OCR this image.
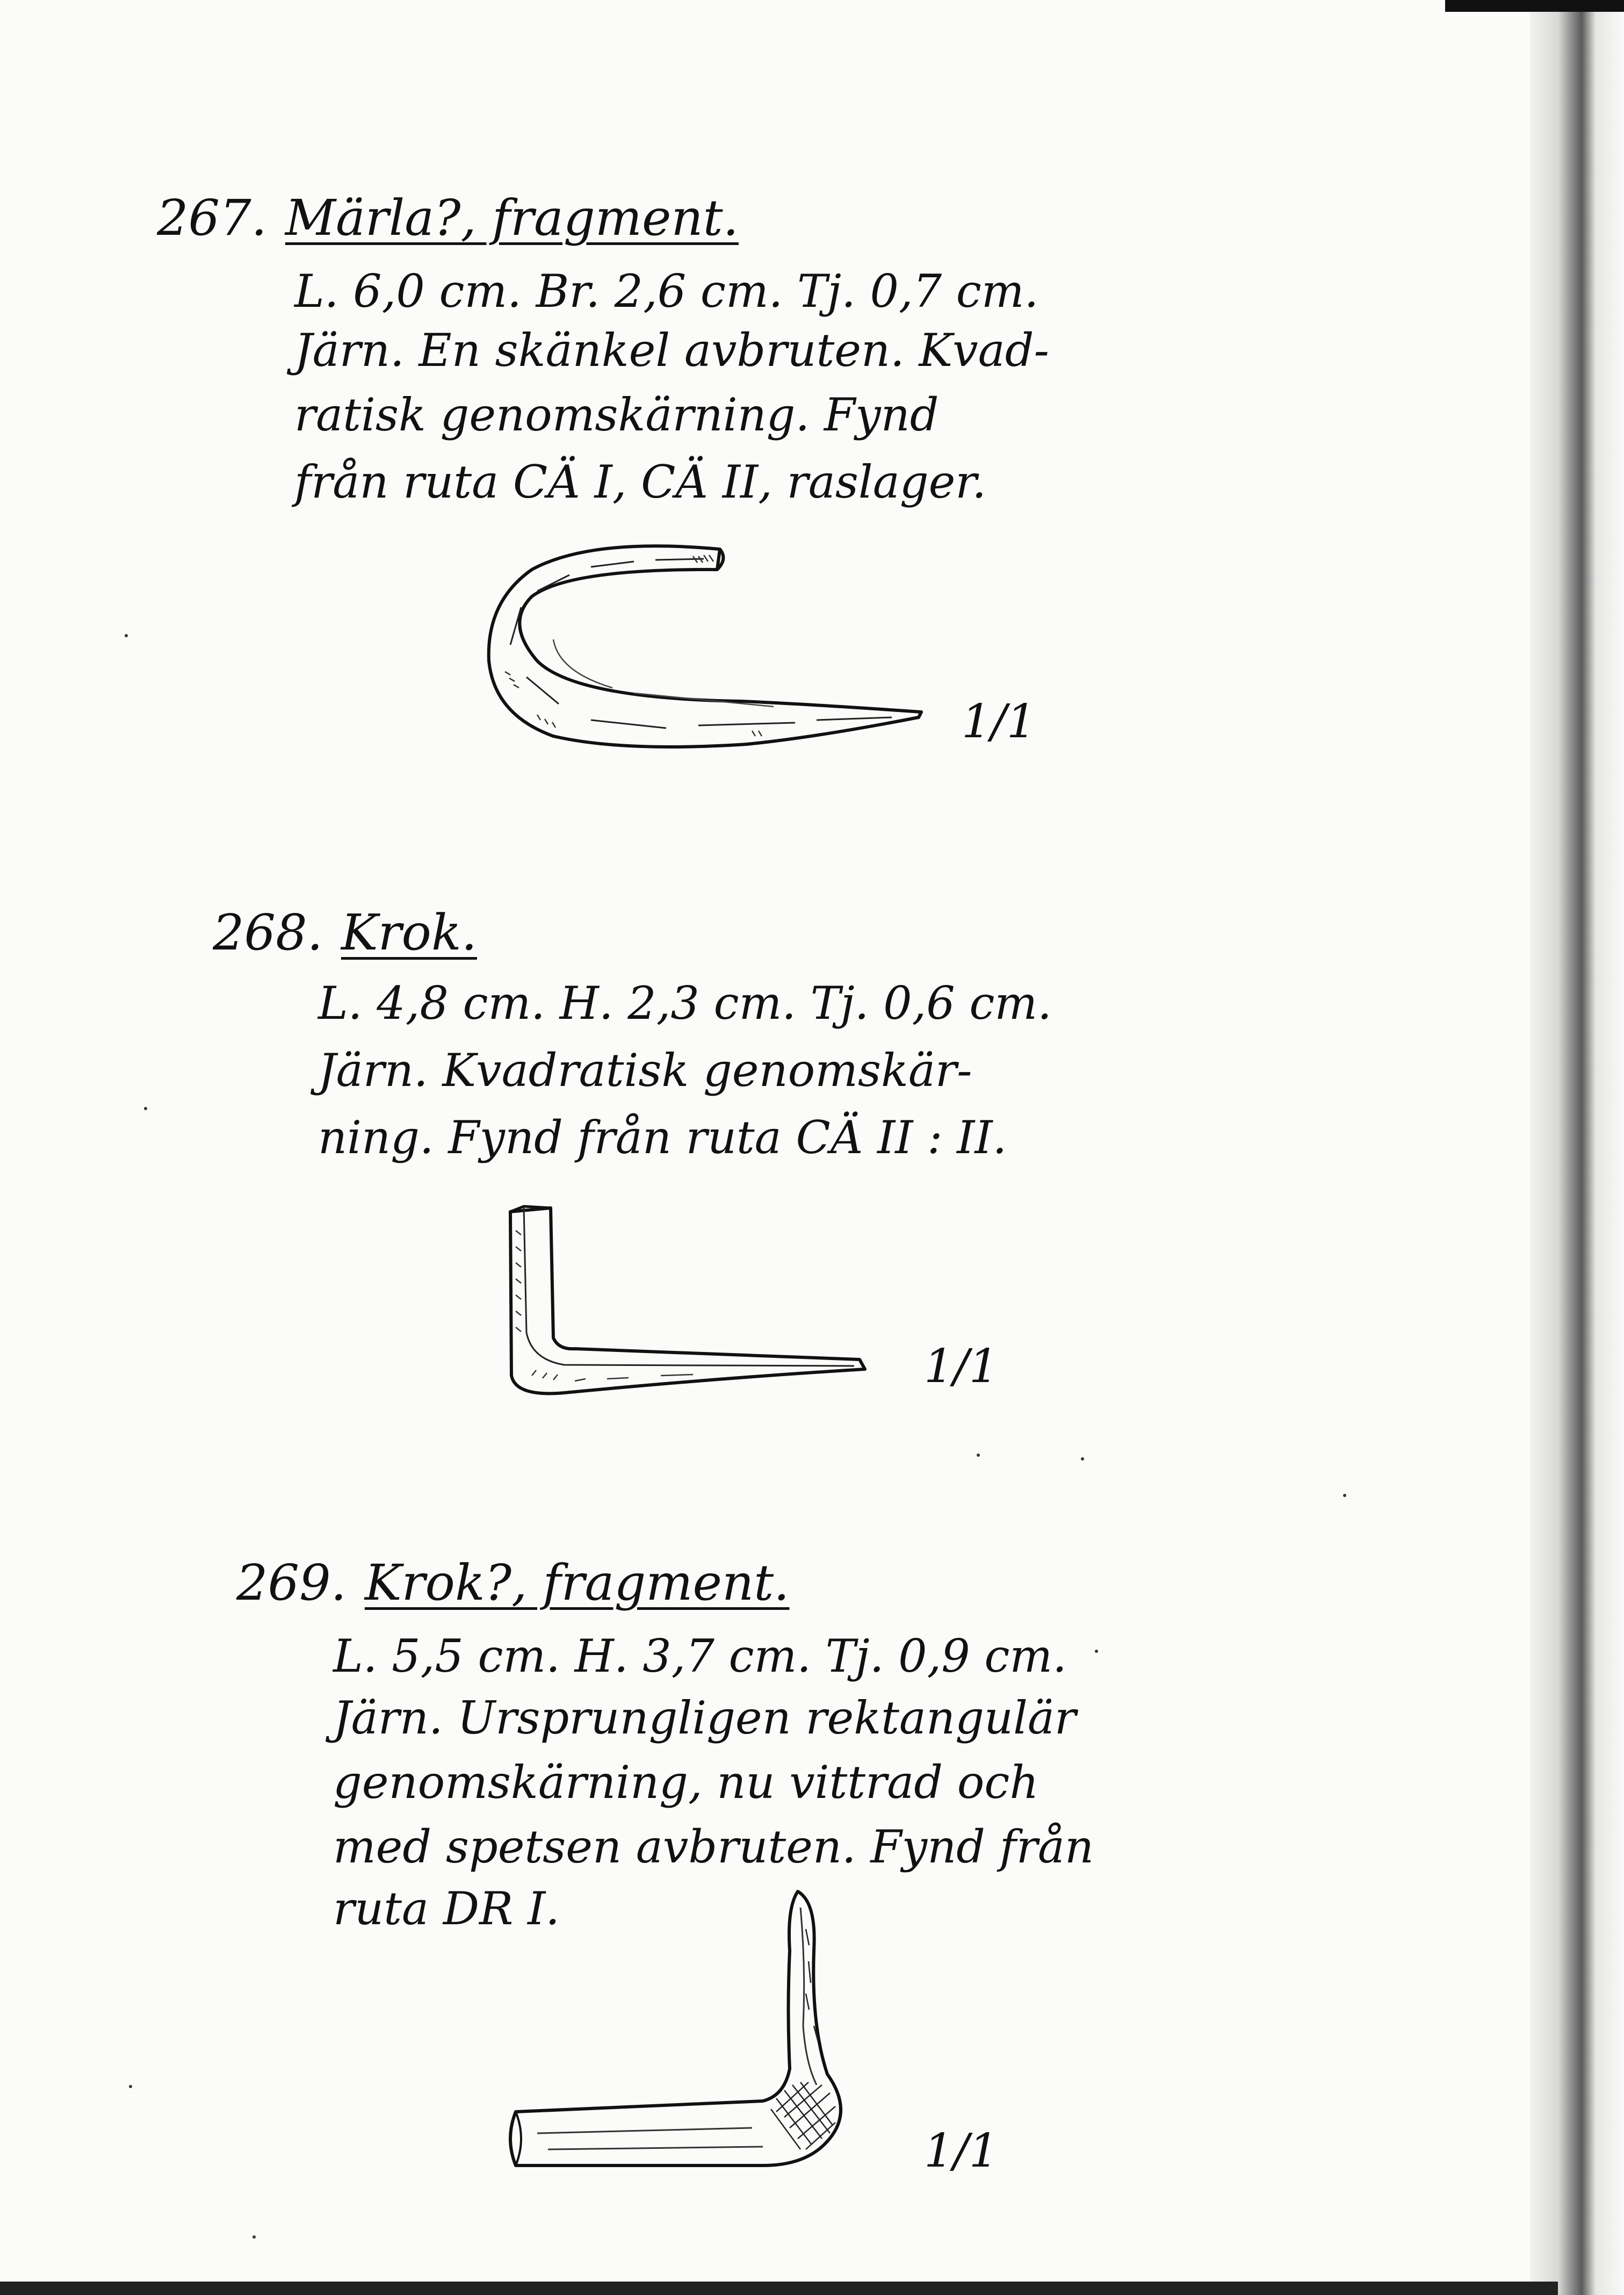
267. Märla?, fragment.
L. 6,0 cm. Br. 2,6 cm. Tj. 0,7 cm.
Järn. En skänkel avbruten. Kvad-
ratisk genomskärning. Fynd
från ruta CÄ I, CÄ II, raslager.
1/1
268. Krok.
L. 4,8 cm. H. 2,3 cm. Tj. 0,6 cm.
Järn. Kvadratisk genomskär-
ning. Fynd från ruta CÄ II : II.
1/1
269. Krok?, fragment.
L. 5,5 cm. H. 3,7 cm. Tj. 0,9 cm.
Järn. Ursprungligen rektangulär
genomskärning, nu vittrad och
med spetsen avbruten. Fynd från
ruta DR I.
1/1
